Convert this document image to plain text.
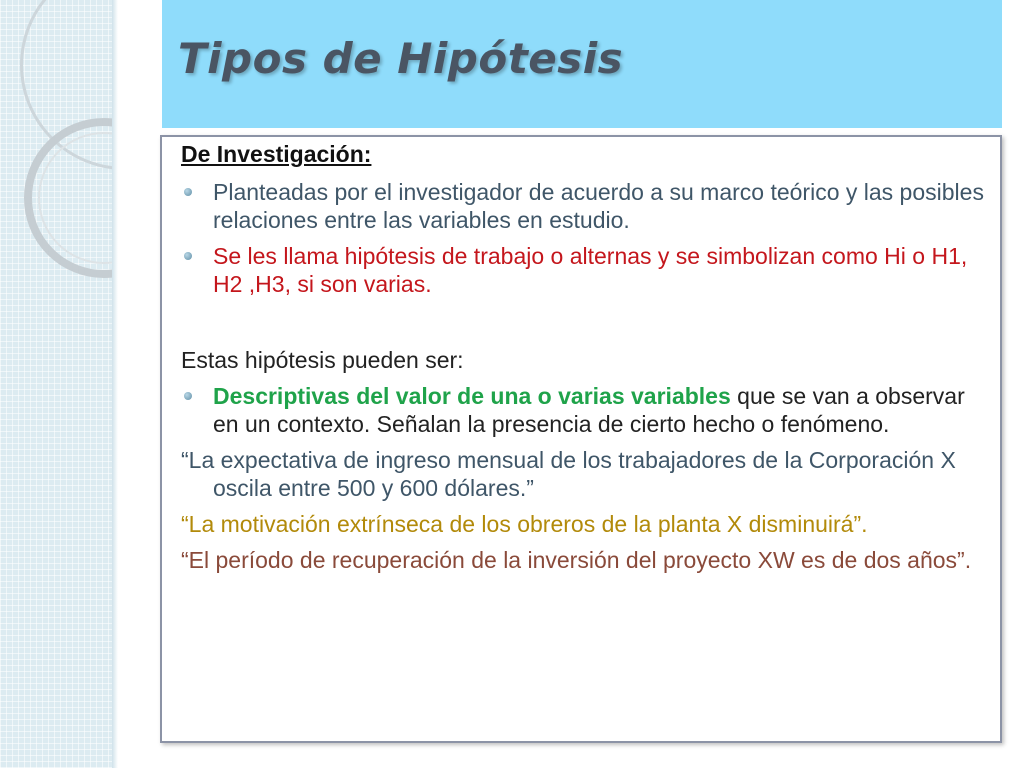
Tipos de Hipótesis

De Investigación:

Planteadas por el investigador de acuerdo a su marco teórico y las posibles relaciones entre las variables en estudio.
Se les llama hipótesis de trabajo o alternas y se simbolizan como Hi o H1, H2 ,H3, si son varias.

Estas hipótesis pueden ser:

Descriptivas del valor de una o varias variables que se van a observar en un contexto. Señalan la presencia de cierto hecho o fenómeno.

“La expectativa de ingreso mensual de los trabajadores de la Corporación X oscila entre 500 y 600 dólares.”

“La motivación extrínseca de los obreros de la planta X disminuirá”.

“El período de recuperación de la inversión del proyecto XW es de dos años”.
